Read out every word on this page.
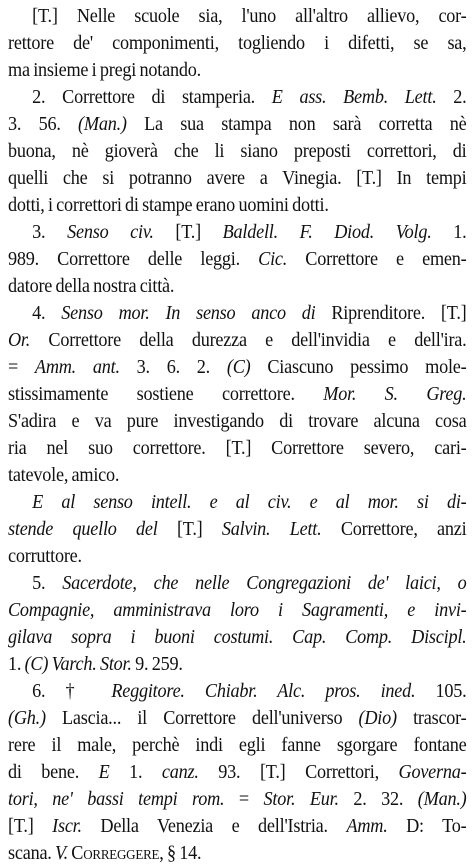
[T.] Nelle scuole sia, l'uno all'altro allievo, cor-
rettore de' componimenti, togliendo i difetti, se sa,
ma insieme i pregi notando.
2. Correttore di stamperia. E ass. Bemb. Lett. 2.
3. 56. (Man.) La sua stampa non sarà corretta nè
buona, nè gioverà che li siano preposti correttori, di
quelli che si potranno avere a Vinegia. [T.] In tempi
dotti, i correttori di stampe erano uomini dotti.
3. Senso civ. [T.] Baldell. F. Diod. Volg. 1.
989. Correttore delle leggi. Cic. Correttore e emen-
datore della nostra città.
4. Senso mor. In senso anco di Riprenditore. [T.]
Or. Correttore della durezza e dell'invidia e dell'ira.
= Amm. ant. 3. 6. 2. (C) Ciascuno pessimo mole-
stissimamente sostiene correttore. Mor. S. Greg.
S'adira e va pure investigando di trovare alcuna cosa
ria nel suo correttore. [T.] Correttore severo, cari-
tatevole, amico.
E al senso intell. e al civ. e al mor. si di-
stende quello del [T.] Salvin. Lett. Correttore, anzi
corruttore.
5. Sacerdote, che nelle Congregazioni de' laici, o
Compagnie, amministrava loro i Sagramenti, e invi-
gilava sopra i buoni costumi. Cap. Comp. Discipl.
1. (C) Varch. Stor. 9. 259.
6. † Reggitore. Chiabr. Alc. pros. ined. 105.
(Gh.) Lascia... il Correttore dell'universo (Dio) trascor-
rere il male, perchè indi egli fanne sgorgare fontane
di bene. E 1. canz. 93. [T.] Correttori, Governa-
tori, ne' bassi tempi rom. = Stor. Eur. 2. 32. (Man.)
[T.] Iscr. Della Venezia e dell'Istria. Amm. D: To-
scana. V. Correggere, § 14.
